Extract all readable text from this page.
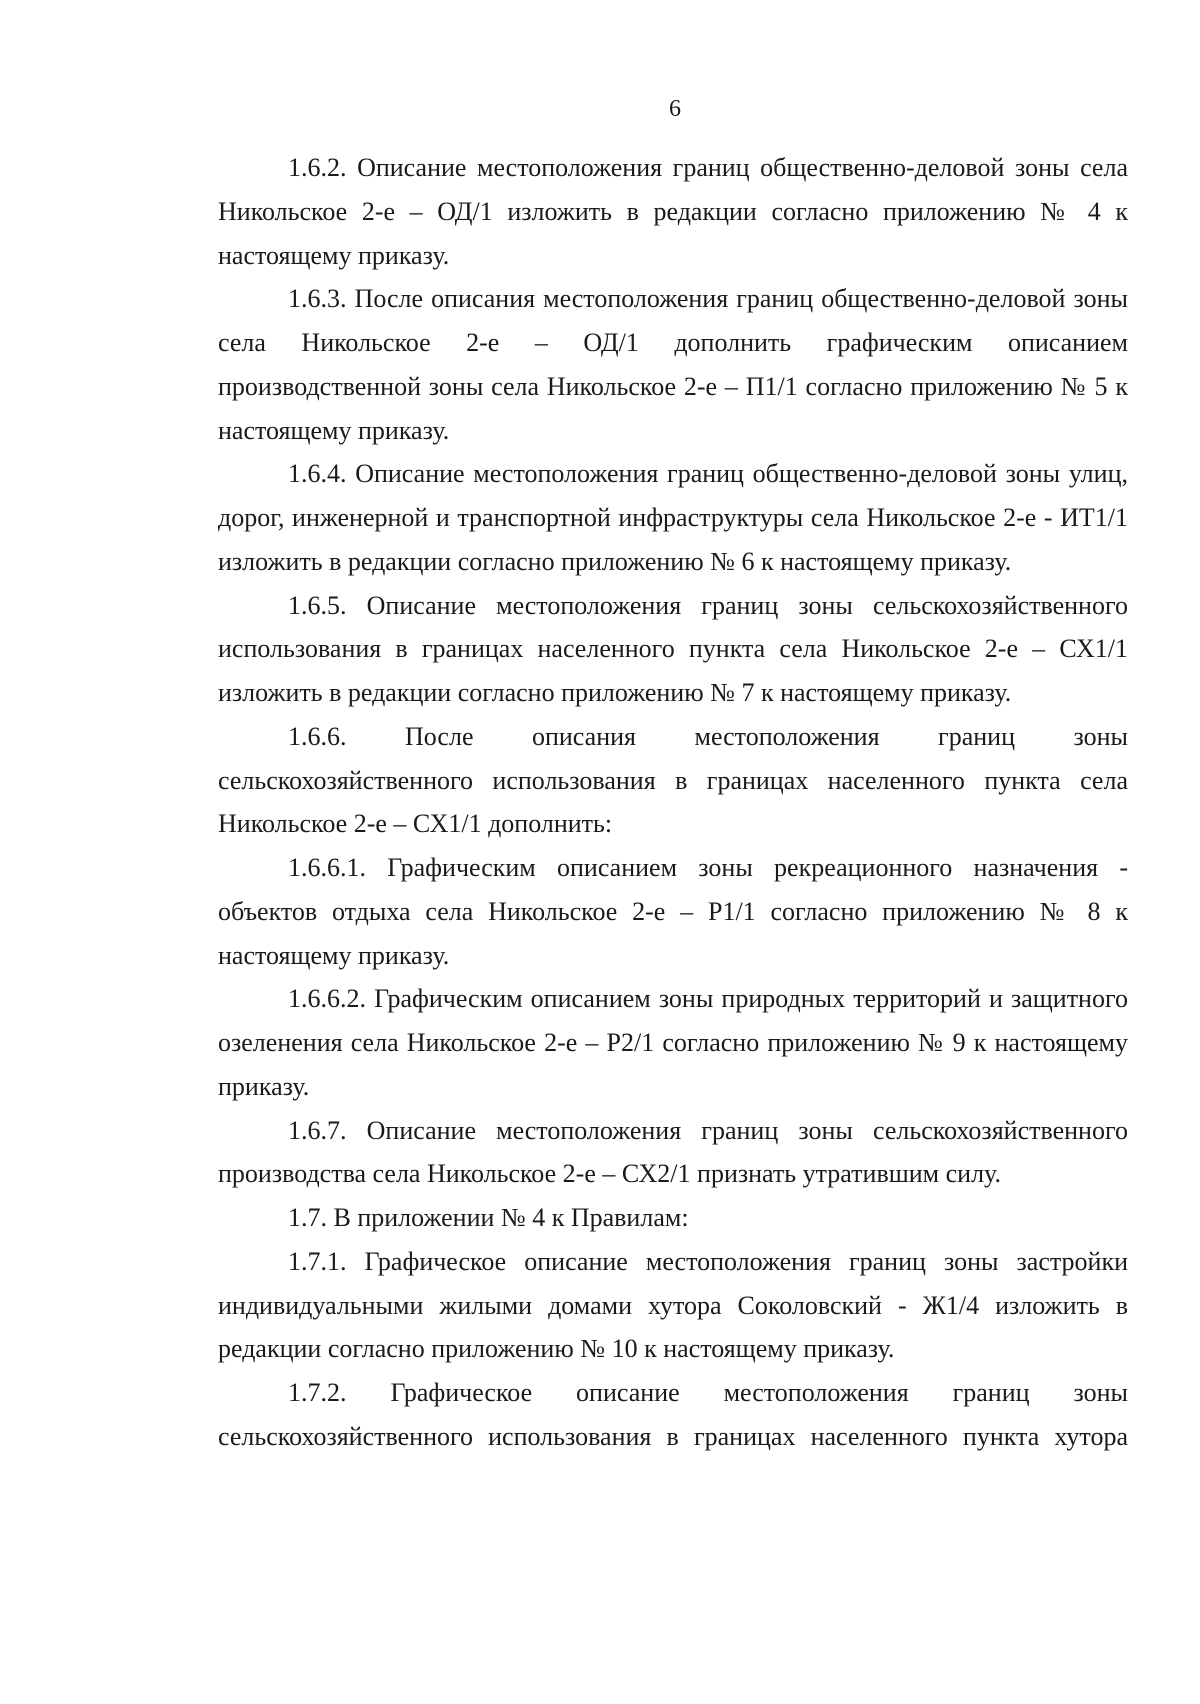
6

1.6.2. Описание местоположения границ общественно-деловой зоны села Никольское 2-е – ОД/1 изложить в редакции согласно приложению № 4 к настоящему приказу.

1.6.3. После описания местоположения границ общественно-деловой зоны села Никольское 2-е – ОД/1 дополнить графическим описанием производственной зоны села Никольское 2-е – П1/1 согласно приложению № 5 к настоящему приказу.

1.6.4. Описание местоположения границ общественно-деловой зоны улиц, дорог, инженерной и транспортной инфраструктуры села Никольское 2-е - ИТ1/1 изложить в редакции согласно приложению № 6 к настоящему приказу.

1.6.5. Описание местоположения границ зоны сельскохозяйственного использования в границах населенного пункта села Никольское 2-е – СХ1/1 изложить в редакции согласно приложению № 7 к настоящему приказу.

1.6.6. После описания местоположения границ зоны сельскохозяйственного использования в границах населенного пункта села Никольское 2-е – СХ1/1 дополнить:

1.6.6.1. Графическим описанием зоны рекреационного назначения - объектов отдыха села Никольское 2-е – Р1/1 согласно приложению № 8 к настоящему приказу.

1.6.6.2. Графическим описанием зоны природных территорий и защитного озеленения села Никольское 2-е – Р2/1 согласно приложению № 9 к настоящему приказу.

1.6.7. Описание местоположения границ зоны сельскохозяйственного производства села Никольское 2-е – СХ2/1 признать утратившим силу.

1.7. В приложении № 4 к Правилам:

1.7.1. Графическое описание местоположения границ зоны застройки индивидуальными жилыми домами хутора Соколовский - Ж1/4 изложить в редакции согласно приложению № 10 к настоящему приказу.

1.7.2. Графическое описание местоположения границ зоны сельскохозяйственного использования в границах населенного пункта хутора
